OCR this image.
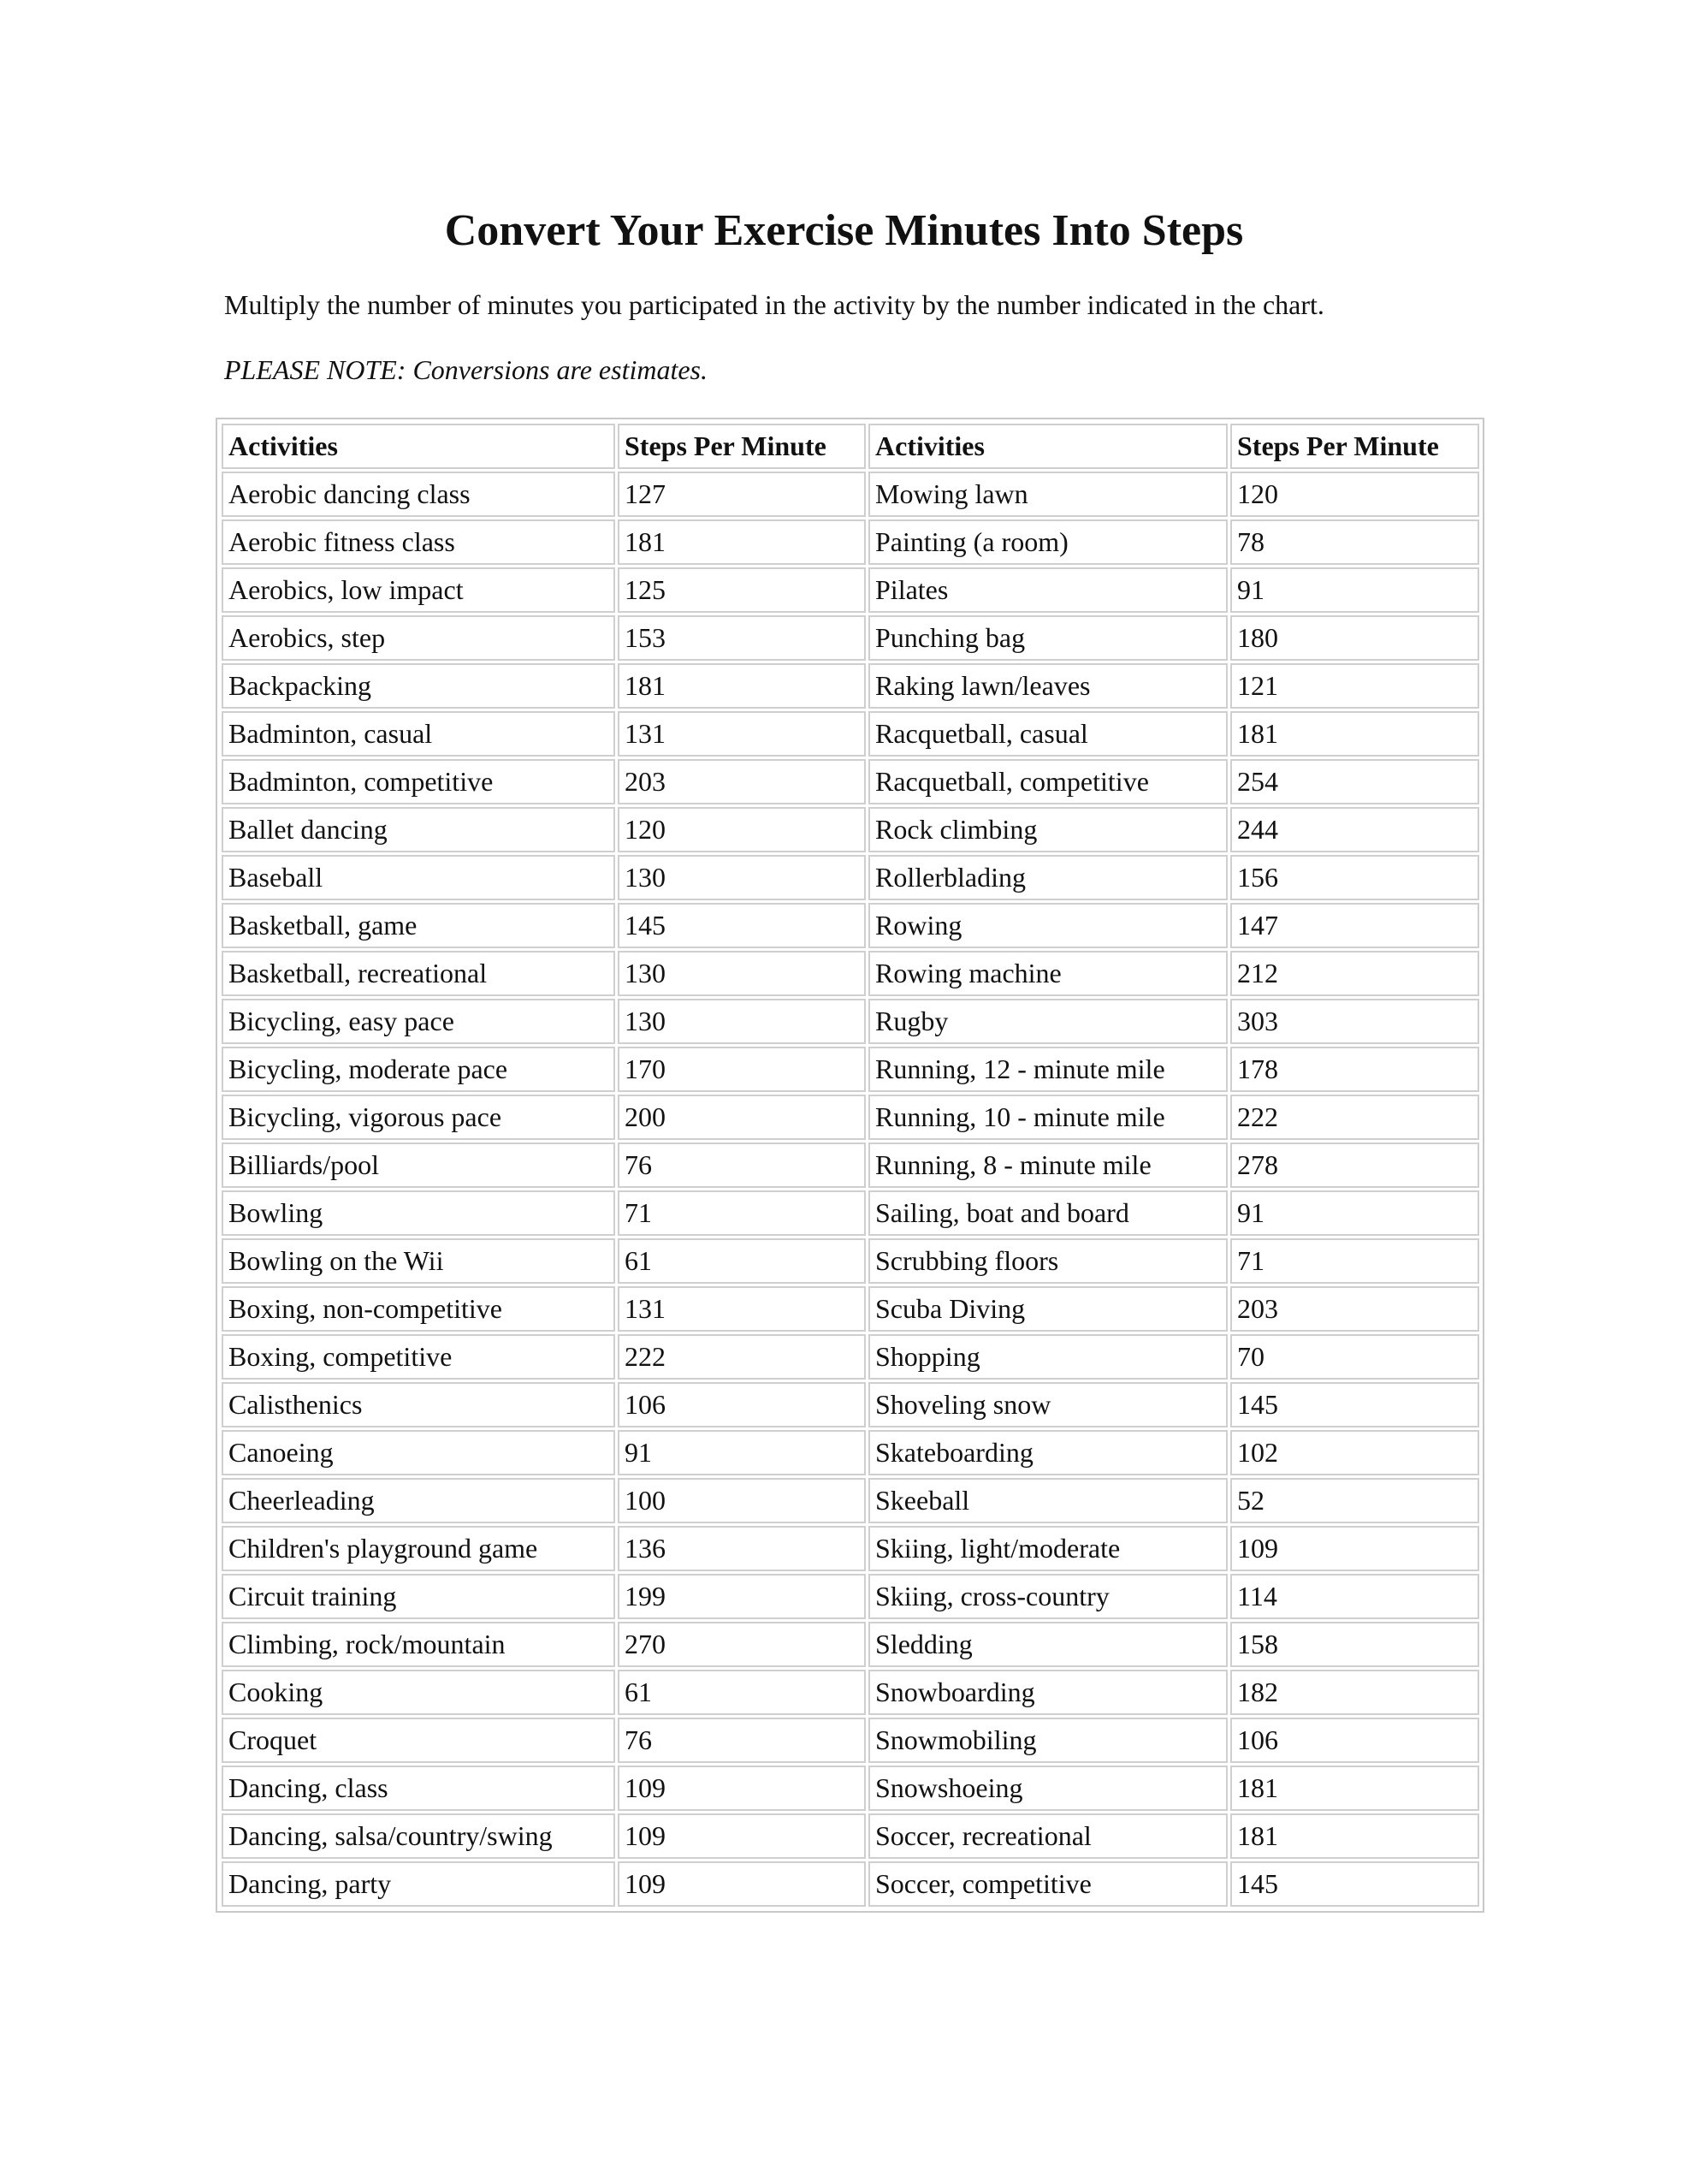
Convert Your Exercise Minutes Into Steps

Multiply the number of minutes you participated in the activity by the number indicated in the chart.

PLEASE NOTE: Conversions are estimates.

Activities	Steps Per Minute	Activities	Steps Per Minute
Aerobic dancing class	127	Mowing lawn	120
Aerobic fitness class	181	Painting (a room)	78
Aerobics, low impact	125	Pilates	91
Aerobics, step	153	Punching bag	180
Backpacking	181	Raking lawn/leaves	121
Badminton, casual	131	Racquetball, casual	181
Badminton, competitive	203	Racquetball, competitive	254
Ballet dancing	120	Rock climbing	244
Baseball	130	Rollerblading	156
Basketball, game	145	Rowing	147
Basketball, recreational	130	Rowing machine	212
Bicycling, easy pace	130	Rugby	303
Bicycling, moderate pace	170	Running, 12 - minute mile	178
Bicycling, vigorous pace	200	Running, 10 - minute mile	222
Billiards/pool	76	Running, 8 - minute mile	278
Bowling	71	Sailing, boat and board	91
Bowling on the Wii	61	Scrubbing floors	71
Boxing, non-competitive	131	Scuba Diving	203
Boxing, competitive	222	Shopping	70
Calisthenics	106	Shoveling snow	145
Canoeing	91	Skateboarding	102
Cheerleading	100	Skeeball	52
Children's playground game	136	Skiing, light/moderate	109
Circuit training	199	Skiing, cross-country	114
Climbing, rock/mountain	270	Sledding	158
Cooking	61	Snowboarding	182
Croquet	76	Snowmobiling	106
Dancing, class	109	Snowshoeing	181
Dancing, salsa/country/swing	109	Soccer, recreational	181
Dancing, party	109	Soccer, competitive	145
